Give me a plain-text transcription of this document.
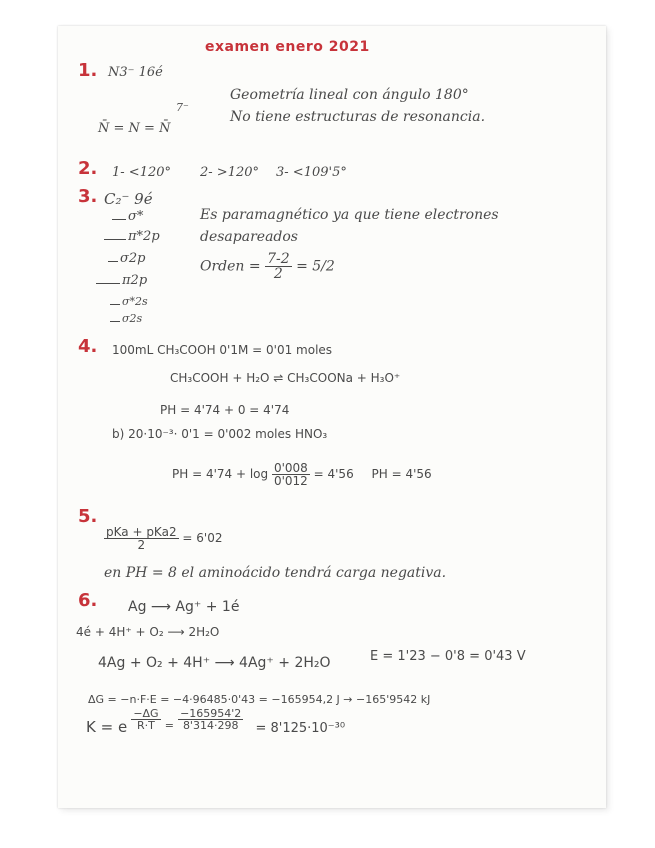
examen enero 2021
1. N3⁻ 16é
N̄ = N = N̄
7⁻
Geometría lineal con ángulo 180°
No tiene estructuras de resonancia.
2. 1- <120° 2- >120° 3- <109'5°
3. C₂⁻ 9é
σ*
π*2p
σ2p
π2p
σ*2s
σ2s
Es paramagnético ya que tiene electrones
desapareados
Orden = $\frac{7-2}{2} = 5/2$
4. 100mL CH₃COOH 0'1M = 0'01 moles
CH₃COOH + H₂O ⇌ CH₃COONa + H₃O⁺
PH = 4'74 + 0 = 4'74
b) 20·10⁻³· 0'1 = 0'002 moles HNO₃
PH = $4'74 + \log \frac{0'008}{0'012} = 4'56$ PH = 4'56
5.
$\frac{\text{pKa + pKa2}}{2} = 6'02$
en PH = 8 el aminoácido tendrá carga negativa.
6. Ag ⟶ Ag⁺ + 1é
4é + 4H⁺ + O₂ ⟶ 2H₂O
4Ag + O₂ + 4H⁺ ⟶ 4Ag⁺ + 2H₂O	E = 1'23 − 0'8 = 0'43 V
ΔG = −n·F·E = −4·96485·0'43 = −165954,2 J → −165'9542 kJ
K = e $\frac{-\Delta G}{R\cdot T} ^= \frac{-165954'2}{8'314\cdot 298} = 8'125\cdot 10^{-30}$
